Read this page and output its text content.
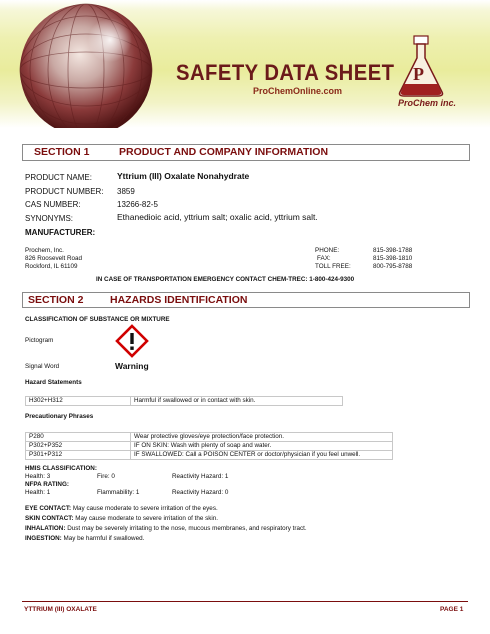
P
SAFETY DATA SHEET
ProChemOnline.com
ProChem inc.
SECTION 1	PRODUCT AND COMPANY INFORMATION
PRODUCT NAME:	Yttrium (III) Oxalate Nonahydrate
PRODUCT NUMBER: 3859
CAS NUMBER:	13266-82-5
SYNONYMS:	Ethanedioic acid, yttrium salt; oxalic acid, yttrium salt.
MANUFACTURER:
Prochem, Inc.
826 Roosevelt Road
Rockford, IL 61109
PHONE:	815-398-1788
FAX:	815-398-1810
TOLL FREE:	800-795-8788
IN CASE OF TRANSPORTATION EMERGENCY CONTACT CHEM-TREC: 1-800-424-9300
SECTION 2	HAZARDS IDENTIFICATION
CLASSIFICATION OF SUBSTANCE OR MIXTURE
Pictogram
Signal Word	Warning
Hazard Statements
H302+H312	Harmful if swallowed or in contact with skin.
Precautionary Phrases
P280	Wear protective gloves/eye protection/face protection.
P302+P352	IF ON SKIN: Wash with plenty of soap and water.
P301+P312	IF SWALLOWED: Call a POISON CENTER or doctor/physician if you feel unwell.
HMIS CLASSIFICATION:
Health: 3	Fire: 0	Reactivity Hazard: 1
NFPA RATING:
Health: 1	Flammability: 1	Reactivity Hazard: 0
EYE CONTACT: May cause moderate to severe irritation of the eyes.
SKIN CONTACT: May cause moderate to severe irritation of the skin.
INHALATION: Dust may be severely irritating to the nose, mucous membranes, and respiratory tract.
INGESTION: May be harmful if swallowed.
YTTRIUM (III) OXALATE	PAGE 1
